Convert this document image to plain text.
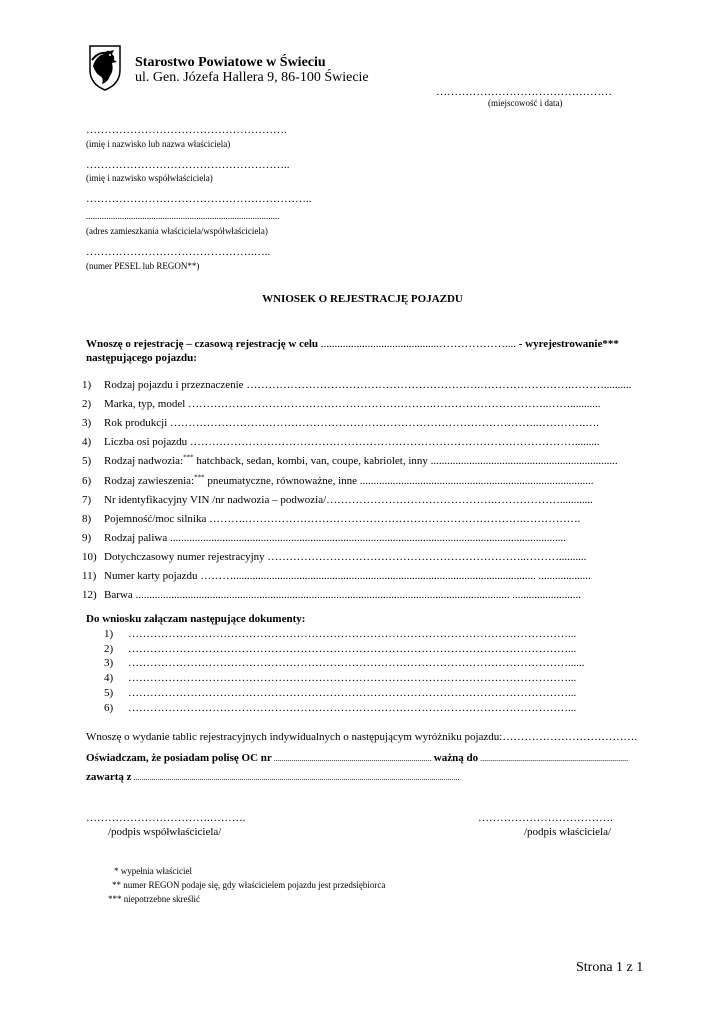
Starostwo Powiatowe w Świeciu
ul. Gen. Józefa Hallera 9, 86-100 Świecie
…………………………………………
(miejscowość i data)
……………………………………………….
(imię i nazwisko lub nazwa właściciela)
………………………………………………..
(imię i nazwisko współwłaściciela)
……………………………………………………..
......................................................................................
(adres zamieszkania właściciela/współwłaściciela)
……………………………………….…..
(numer PESEL lub REGON**)
WNIOSEK O REJESTRACJĘ POJAZDU
Wnoszę o rejestrację – czasową rejestrację w celu ...........................................……………….... - wyrejestrowanie***
następującego pojazdu:
1) Rodzaj pojazdu i przeznaczenie ……………………………………………………….…………………….………..........
2) Marka, typ, model ………………………………………………………….…………………………..……...........
3) Rok produkcji ………………………………………………………………………………………..………….….
4) Liczba osi pojazdu …………………………………………………………………………………………….........
5) Rodzaj nadwozia:*** hatchback, sedan, kombi, van, coupe, kabriolet, inny ....................................................................
6) Rodzaj zawieszenia:*** pneumatyczne, równoważne, inne .....................................................................................
7) Nr identyfikacyjny VIN /nr nadwozia – podwozia/……………………………………….………………............
8) Pojemność/moc silnika ……….………………………………………………………………….…………….
9) Rodzaj paliwa ................................................................................................................................................
10) Dotychczasowy numer rejestracyjny ……………………………………………………………..………..........
11) Numer karty pojazdu ……….............................................................................................................. ...................
12) Barwa ........................................................................................................................................ .........................
Do wniosku załączam następujące dokumenty:
1) …………………………………………………………………………………………………………...
2) …………………………………………………………………………………………………………...
3) …………………………………………………………………………………………………………......
4) …………………………………………………………………………………………………………...
5) …………………………………………………………………………………………………………...
6) …………………………………………………………………………………………………………...
Wnoszę o wydanie tablic rejestracyjnych indywidualnych o następującym wyróżniku pojazdu:……………………………….
Oświadczam, że posiadam polisę OC nr ............................................................................... ważną do ..........................................................................
zawartą z ...................................................................................................................................................................
…………………………….……….
/podpis współwłaściciela/
……………………………….
/podpis właściciela/
* wypełnia właściciel
** numer REGON podaje się, gdy właścicielem pojazdu jest przedsiębiorca
*** niepotrzebne skreślić
Strona 1 z 1
